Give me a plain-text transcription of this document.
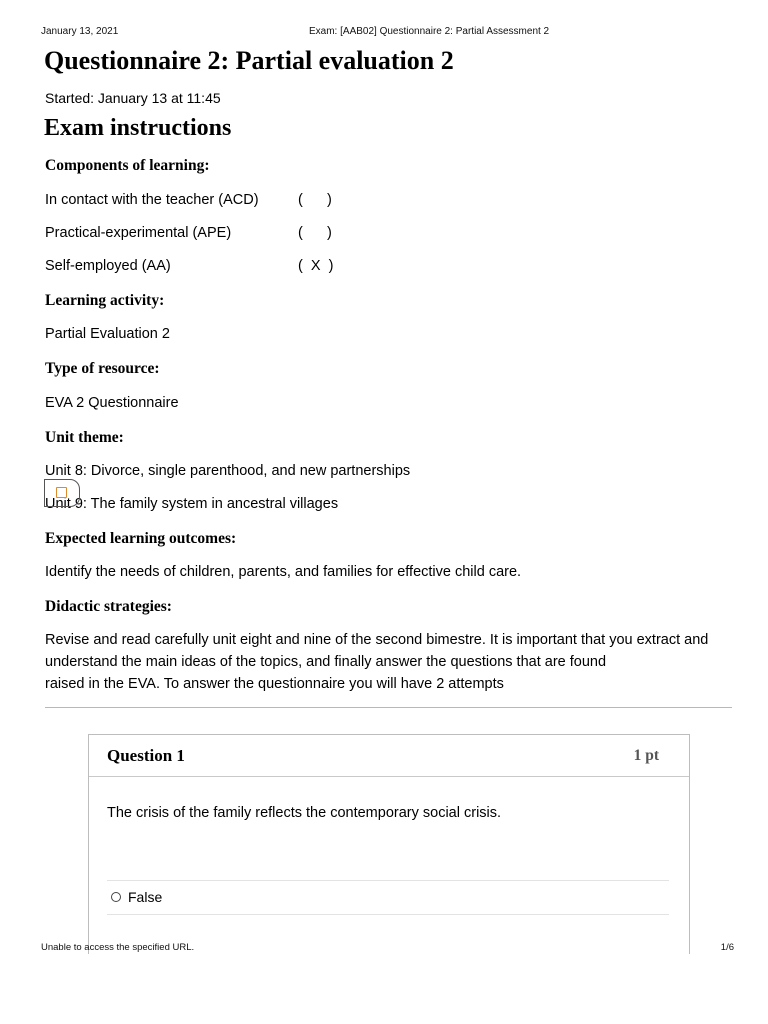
January 13, 2021	Exam: [AAB02] Questionnaire 2: Partial Assessment 2
Questionnaire 2: Partial evaluation 2
Started: January 13 at 11:45
Exam instructions
Components of learning:
In contact with the teacher (ACD)	(      )
Practical-experimental (APE)	(      )
Self-employed (AA)	(  X  )
Learning activity:
Partial Evaluation 2
Type of resource:
EVA 2 Questionnaire
Unit theme:
Unit 8: Divorce, single parenthood, and new partnerships
Unit 9: The family system in ancestral villages
Expected learning outcomes:
Identify the needs of children, parents, and families for effective child care.
Didactic strategies:
Revise and read carefully unit eight and nine of the second bimestre. It is important that you extract and
understand the main ideas of the topics, and finally answer the questions that are found
raised in the EVA. To answer the questionnaire you will have 2 attempts
Question 1	1 pt
The crisis of the family reflects the contemporary social crisis.
False
Unable to access the specified URL.	1/6
